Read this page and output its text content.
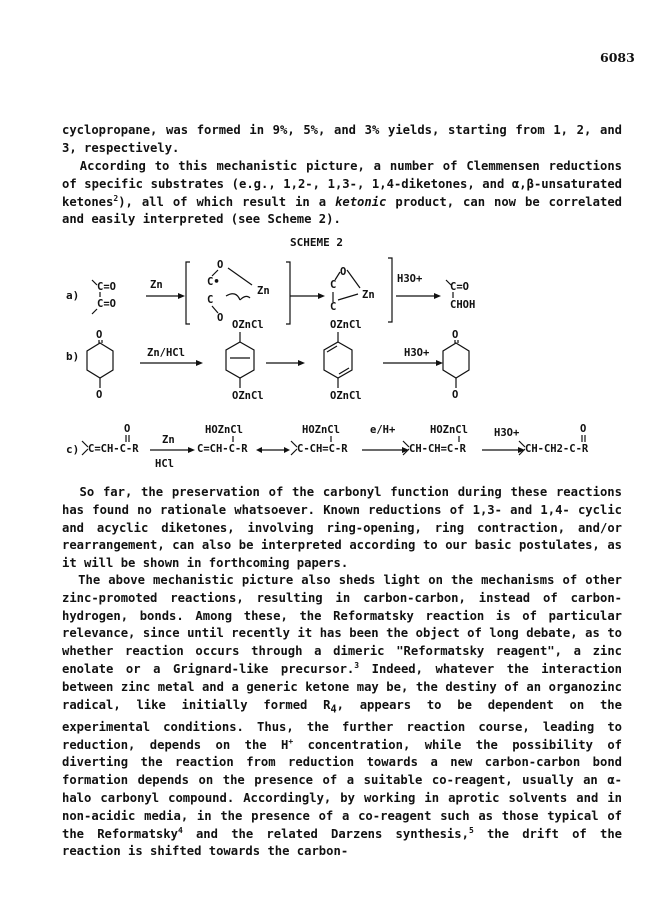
6083

cyclopropane, was formed in 9%, 5%, and 3% yields, starting from 1, 2, and 3, respectively.

According to this mechanistic picture, a number of Clemmensen reductions of specific substrates (e.g., 1,2-, 1,3-, 1,4-diketones, and α,β-unsaturated ketones$^2$), all of which result in a ketonic product, can now be correlated and easily interpreted (see Scheme 2).

SCHEME 2
a)
C=O
C=O
Zn	C•
C
O
O
Zn
O
C
C
Zn
H3O+
C=O
CHOH
b)
O
O
Zn/HCl
OZnCl
OZnCl
OZnCl
OZnCl
H3O+
O
O
c) C=CH-C-R
O
Zn
HCl
HOZnCl
C=CH-C-R
HOZnCl
C-CH=C-R
e/H+	HOZnCl
CH-CH=C-R
H3O+
CH-CH2-C-R
O

So far, the preservation of the carbonyl function during these reactions has found no rationale whatsoever. Known reductions of 1,3- and 1,4- cyclic and acyclic diketones, involving ring-opening, ring contraction, and/or rearrangement, can also be interpreted according to our basic postulates, as it will be shown in forthcoming papers.

The above mechanistic picture also sheds light on the mechanisms of other zinc-promoted reactions, resulting in carbon-carbon, instead of carbon-hydrogen, bonds. Among these, the Reformatsky reaction is of particular relevance, since until recently it has been the object of long debate, as to whether reaction occurs through a dimeric "Reformatsky reagent", a zinc enolate or a Grignard-like precursor.$^3$ Indeed, whatever the interaction between zinc metal and a generic ketone may be, the destiny of an organozinc radical, like initially formed $R_4$, appears to be dependent on the experimental conditions. Thus, the further reaction course, leading to reduction, depends on the H+ concentration, while the possibility of diverting the reaction from reduction towards a new carbon-carbon bond formation depends on the presence of a suitable co-reagent, usually an α-halo carbonyl compound. Accordingly, by working in aprotic solvents and in non-acidic media, in the presence of a co-reagent such as those typical of the Reformatsky$^4$ and the related Darzens synthesis,$^5$ the drift of the reaction is shifted towards the carbon-
